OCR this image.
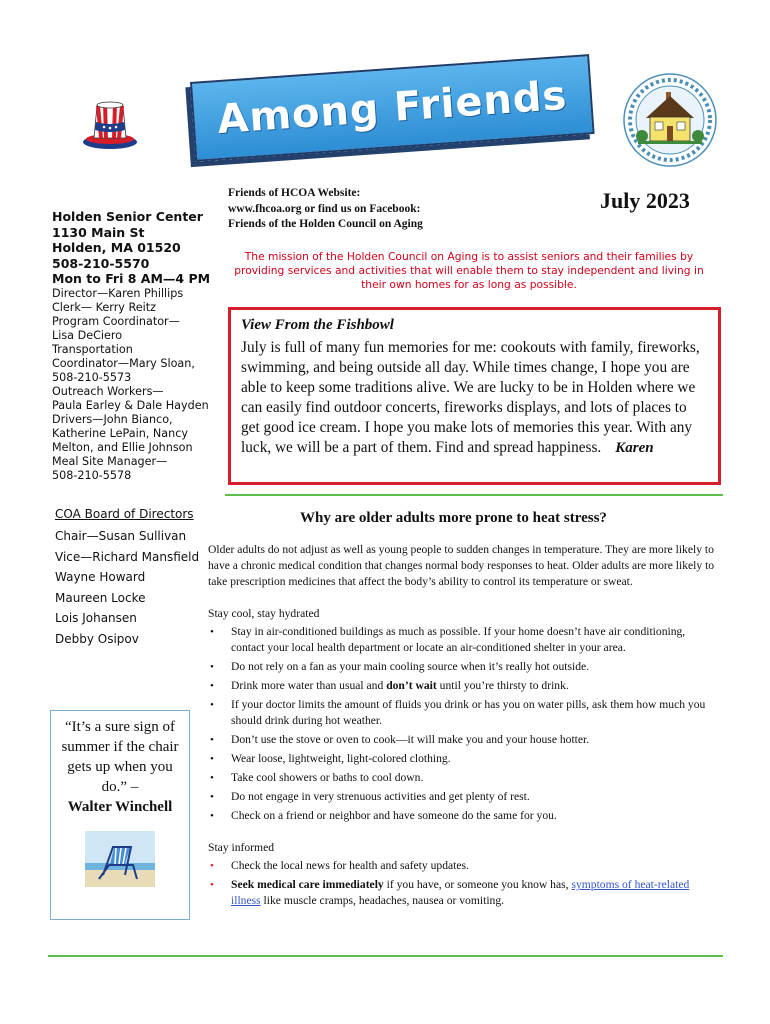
Among Friends
Holden Senior Center
1130 Main St
Holden, MA 01520
508-210-5570
Mon to Fri 8 AM—4 PM
Director—Karen Phillips
Clerk— Kerry Reitz
Program Coordinator—
Lisa DeCiero
Transportation
Coordinator—Mary Sloan,
508-210-5573
Outreach Workers—
Paula Earley & Dale Hayden
Drivers—John Bianco,
Katherine LePain, Nancy
Melton, and Ellie Johnson
Meal Site Manager—
508-210-5578
COA Board of Directors
Chair—Susan Sullivan
Vice—Richard Mansfield
Wayne Howard
Maureen Locke
Lois Johansen
Debby Osipov
“It’s a sure sign of summer if the chair gets up when you do.” –
Walter Winchell
Friends of HCOA Website:
www.fhcoa.org or find us on Facebook:
Friends of the Holden Council on Aging
July 2023
The mission of the Holden Council on Aging is to assist seniors and their families by providing services and activities that will enable them to stay independent and living in their own homes for as long as possible.
View From the Fishbowl
July is full of many fun memories for me: cookouts with family, fireworks, swimming, and being outside all day. While times change, I hope you are able to keep some traditions alive. We are lucky to be in Holden where we can easily find outdoor concerts, fireworks displays, and lots of places to get good ice cream. I hope you make lots of memories this year. With any luck, we will be a part of them. Find and spread happiness. Karen
Why are older adults more prone to heat stress?

Older adults do not adjust as well as young people to sudden changes in temperature. They are more likely to have a chronic medical condition that changes normal body responses to heat. Older adults are more likely to take prescription medicines that affect the body’s ability to control its temperature or sweat.

Stay cool, stay hydrated
• Stay in air-conditioned buildings as much as possible. If your home doesn’t have air conditioning, contact your local health department or locate an air-conditioned shelter in your area.
• Do not rely on a fan as your main cooling source when it’s really hot outside.
• Drink more water than usual and don’t wait until you’re thirsty to drink.
• If your doctor limits the amount of fluids you drink or has you on water pills, ask them how much you should drink during hot weather.
• Don’t use the stove or oven to cook—it will make you and your house hotter.
• Wear loose, lightweight, light-colored clothing.
• Take cool showers or baths to cool down.
• Do not engage in very strenuous activities and get plenty of rest.
• Check on a friend or neighbor and have someone do the same for you.
Stay informed
• Check the local news for health and safety updates.
• Seek medical care immediately if you have, or someone you know has, symptoms of heat-related illness like muscle cramps, headaches, nausea or vomiting.
